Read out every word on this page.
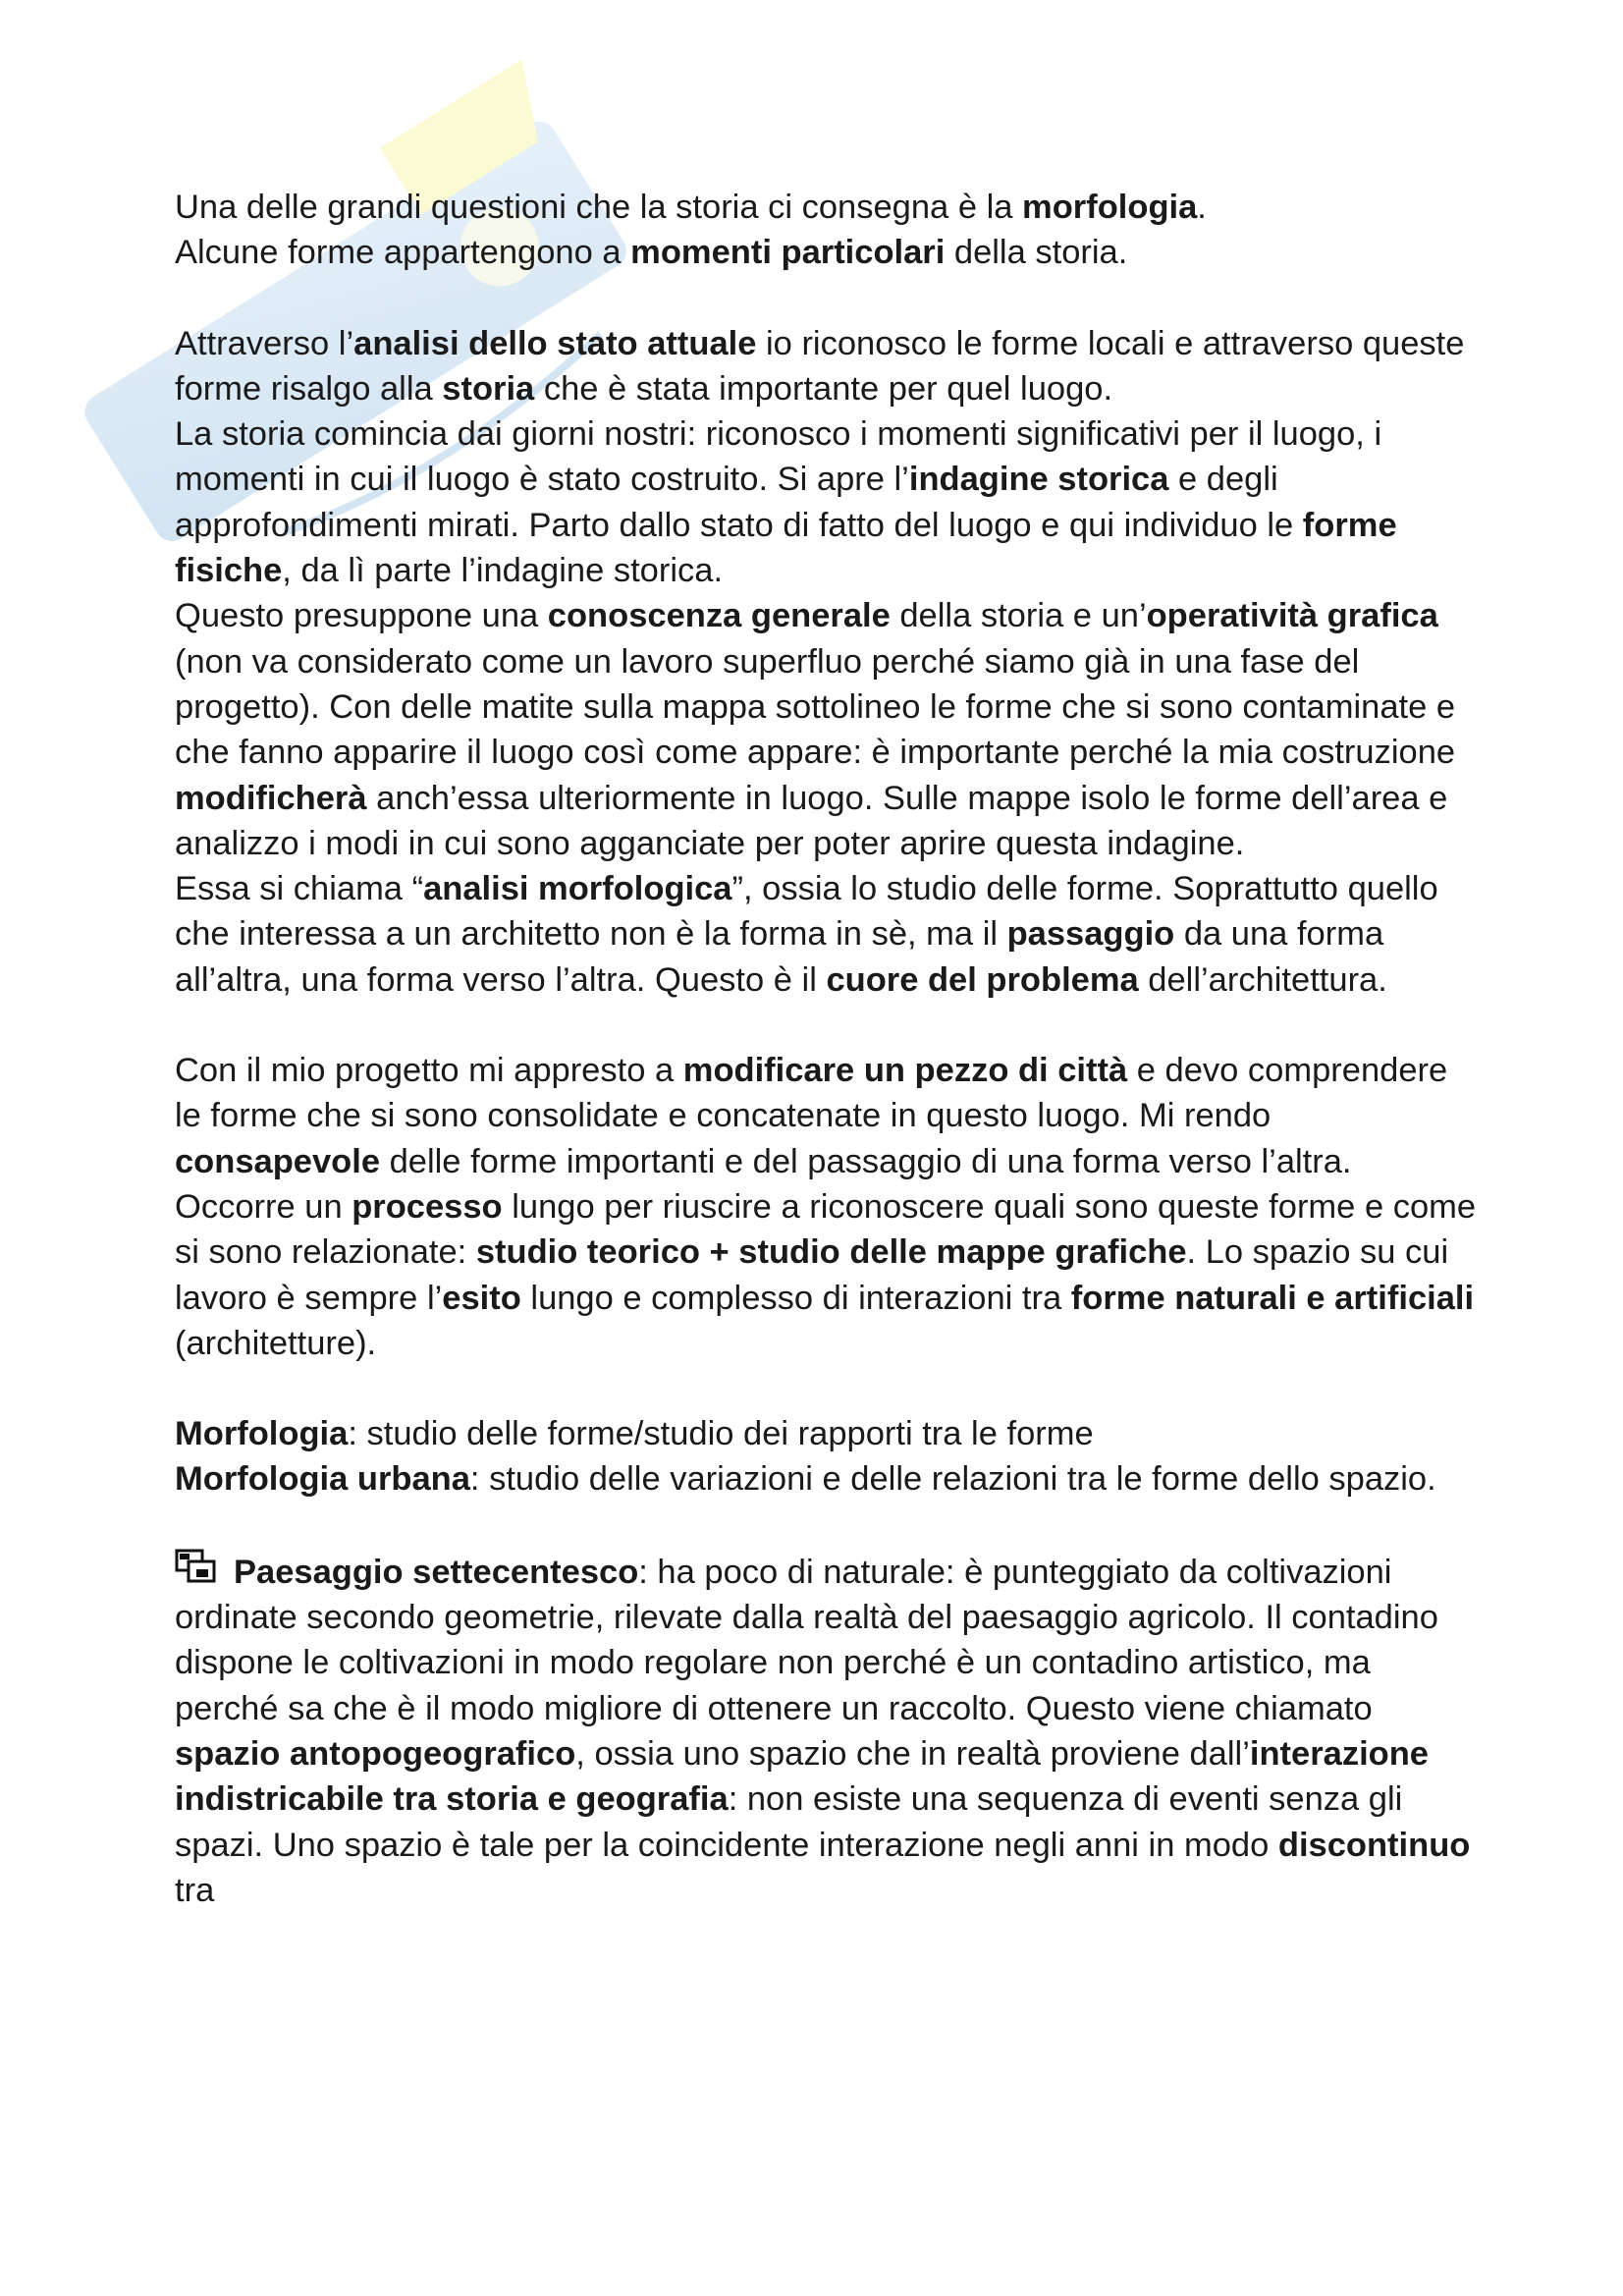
Una delle grandi questioni che la storia ci consegna è la morfologia.
Alcune forme appartengono a momenti particolari della storia.

Attraverso l’analisi dello stato attuale io riconosco le forme locali e attraverso queste forme risalgo alla storia che è stata importante per quel luogo.
La storia comincia dai giorni nostri: riconosco i momenti significativi per il luogo, i momenti in cui il luogo è stato costruito. Si apre l’indagine storica e degli approfondimenti mirati. Parto dallo stato di fatto del luogo e qui individuo le forme fisiche, da lì parte l’indagine storica.
Questo presuppone una conoscenza generale della storia e un’operatività grafica (non va considerato come un lavoro superfluo perché siamo già in una fase del progetto). Con delle matite sulla mappa sottolineo le forme che si sono contaminate e che fanno apparire il luogo così come appare: è importante perché la mia costruzione modificherà anch’essa ulteriormente in luogo. Sulle mappe isolo le forme dell’area e analizzo i modi in cui sono agganciate per poter aprire questa indagine.
Essa si chiama “analisi morfologica”, ossia lo studio delle forme. Soprattutto quello che interessa a un architetto non è la forma in sè, ma il passaggio da una forma all’altra, una forma verso l’altra. Questo è il cuore del problema dell’architettura.

Con il mio progetto mi appresto a modificare un pezzo di città e devo comprendere le forme che si sono consolidate e concatenate in questo luogo. Mi rendo consapevole delle forme importanti e del passaggio di una forma verso l’altra. Occorre un processo lungo per riuscire a riconoscere quali sono queste forme e come si sono relazionate: studio teorico + studio delle mappe grafiche. Lo spazio su cui lavoro è sempre l’esito lungo e complesso di interazioni tra forme naturali e artificiali (architetture).

Morfologia: studio delle forme/studio dei rapporti tra le forme
Morfologia urbana: studio delle variazioni e delle relazioni tra le forme dello spazio.

Paesaggio settecentesco: ha poco di naturale: è punteggiato da coltivazioni ordinate secondo geometrie, rilevate dalla realtà del paesaggio agricolo. Il contadino dispone le coltivazioni in modo regolare non perché è un contadino artistico, ma perché sa che è il modo migliore di ottenere un raccolto. Questo viene chiamato spazio antopogeografico, ossia uno spazio che in realtà proviene dall’interazione indistricabile tra storia e geografia: non esiste una sequenza di eventi senza gli spazi. Uno spazio è tale per la coincidente interazione negli anni in modo discontinuo tra
